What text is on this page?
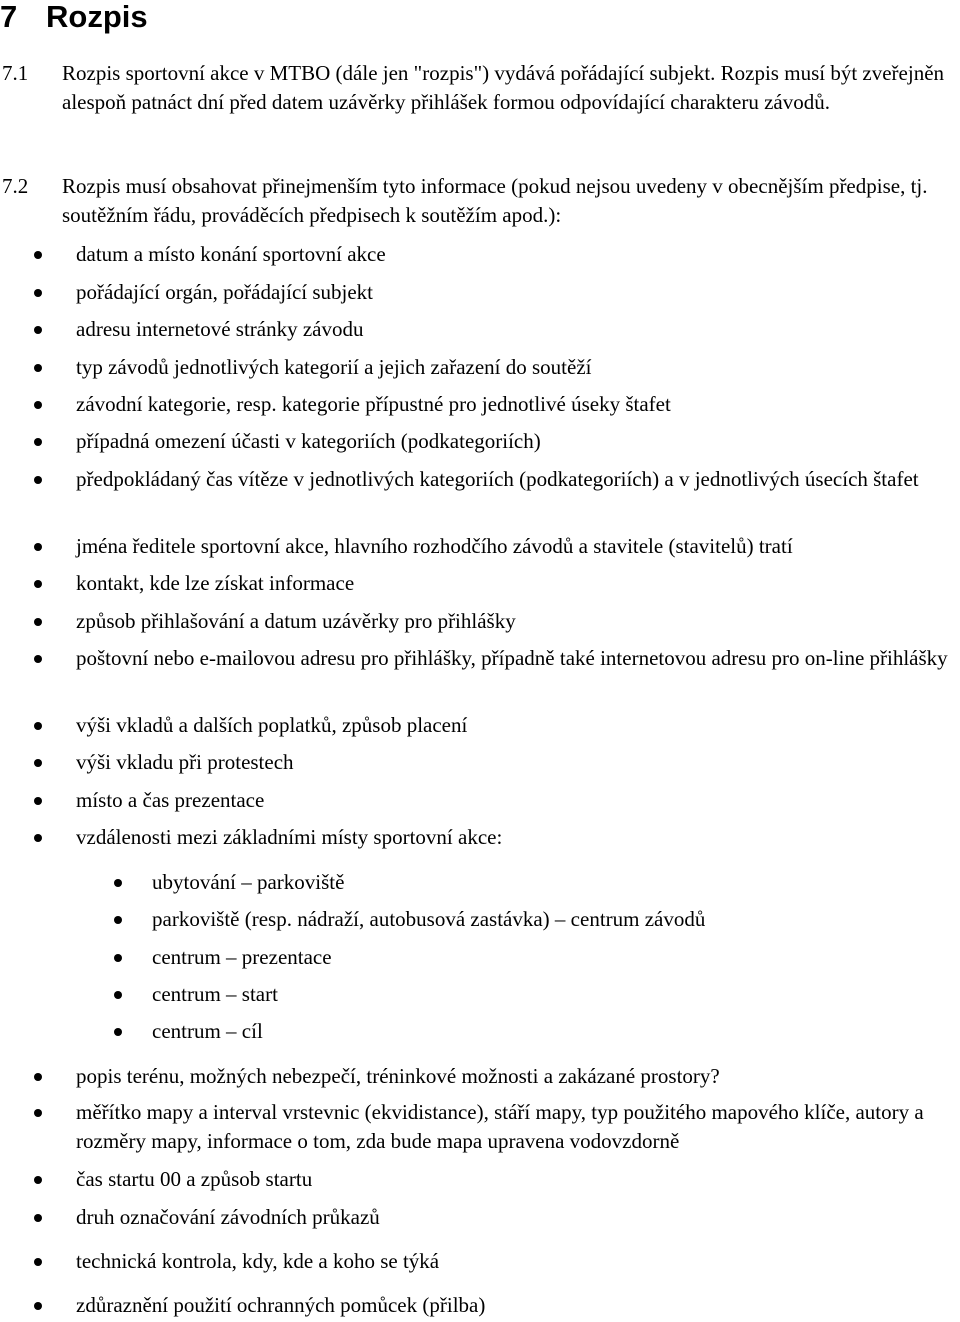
7 Rozpis
7.1 Rozpis sportovní akce v MTBO (dále jen "rozpis") vydává pořádající subjekt. Rozpis musí být zveřejněn alespoň patnáct dní před datem uzávěrky přihlášek formou odpovídající charakteru závodů.
7.2 Rozpis musí obsahovat přinejmenším tyto informace (pokud nejsou uvedeny v obecnějším předpise, tj. soutěžním řádu, prováděcích předpisech k soutěžím apod.):
datum a místo konání sportovní akce
pořádající orgán, pořádající subjekt
adresu internetové stránky závodu
typ závodů jednotlivých kategorií a jejich zařazení do soutěží
závodní kategorie, resp. kategorie přípustné pro jednotlivé úseky štafet
případná omezení účasti v kategoriích (podkategoriích)
předpokládaný čas vítěze v jednotlivých kategoriích (podkategoriích) a v jednotlivých úsecích štafet
jména ředitele sportovní akce, hlavního rozhodčího závodů a stavitele (stavitelů) tratí
kontakt, kde lze získat informace
způsob přihlašování a datum uzávěrky pro přihlášky
poštovní nebo e-mailovou adresu pro přihlášky, případně také internetovou adresu pro on-line přihlášky
výši vkladů a dalších poplatků, způsob placení
výši vkladu při protestech
místo a čas prezentace
vzdálenosti mezi základními místy sportovní akce:
ubytování – parkoviště
parkoviště (resp. nádraží, autobusová zastávka) – centrum závodů
centrum – prezentace
centrum – start
centrum – cíl
popis terénu, možných nebezpečí, tréninkové možnosti a zakázané prostory?
měřítko mapy a interval vrstevnic (ekvidistance), stáří mapy, typ použitého mapového klíče, autory a rozměry mapy, informace o tom, zda bude mapa upravena vodovzdorně
čas startu 00 a způsob startu
druh označování závodních průkazů
technická kontrola, kdy, kde a koho se týká
zdůraznění použití ochranných pomůcek (přilba)
